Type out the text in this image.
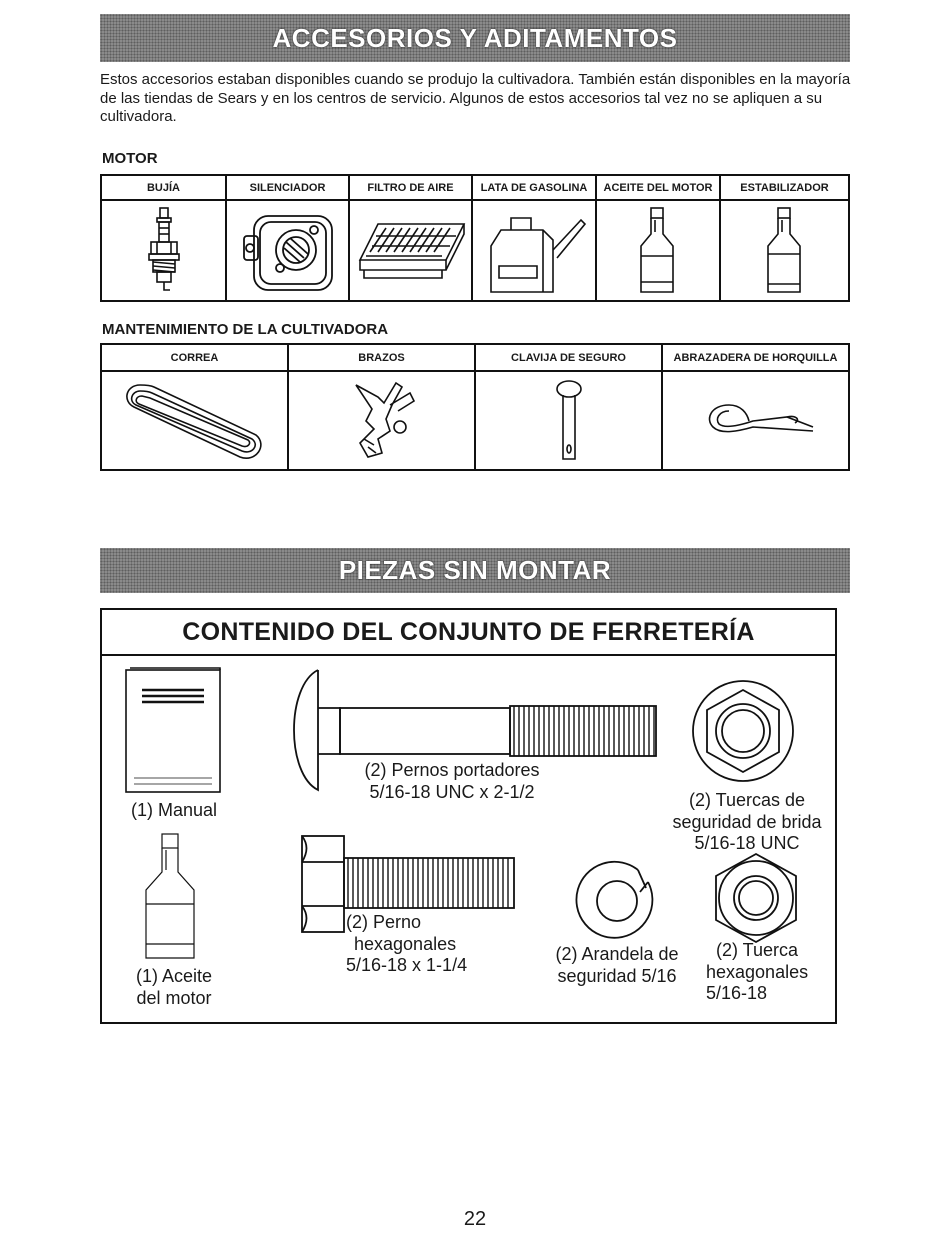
ACCESORIOS Y ADITAMENTOS

Estos accesorios estaban disponibles cuando se produjo la cultivadora. También están disponibles en la mayoría de las tiendas de Sears y en los centros de servicio. Algunos de estos accesorios tal vez no se apliquen a su cultivadora.

MOTOR
BUJÍA	SILENCIADOR	FILTRO DE AIRE	LATA DE GASOLINA	ACEITE DEL MOTOR	ESTABILIZADOR
MANTENIMIENTO DE LA CULTIVADORA
CORREA	BRAZOS	CLAVIJA DE SEGURO	ABRAZADERA DE HORQUILLA
PIEZAS SIN MONTAR
CONTENIDO DEL CONJUNTO DE FERRETERÍA
(1) Manual
(1) Aceite
del motor
(2) Pernos portadores
5/16-18 UNC x 2-1/2	(2) Tuercas de
seguridad de brida
5/16-18 UNC
(2) Perno
hexagonales
5/16-18 x 1-1/4
(2) Arandela de
seguridad 5/16
(2) Tuerca
hexagonales
5/16-18
22
